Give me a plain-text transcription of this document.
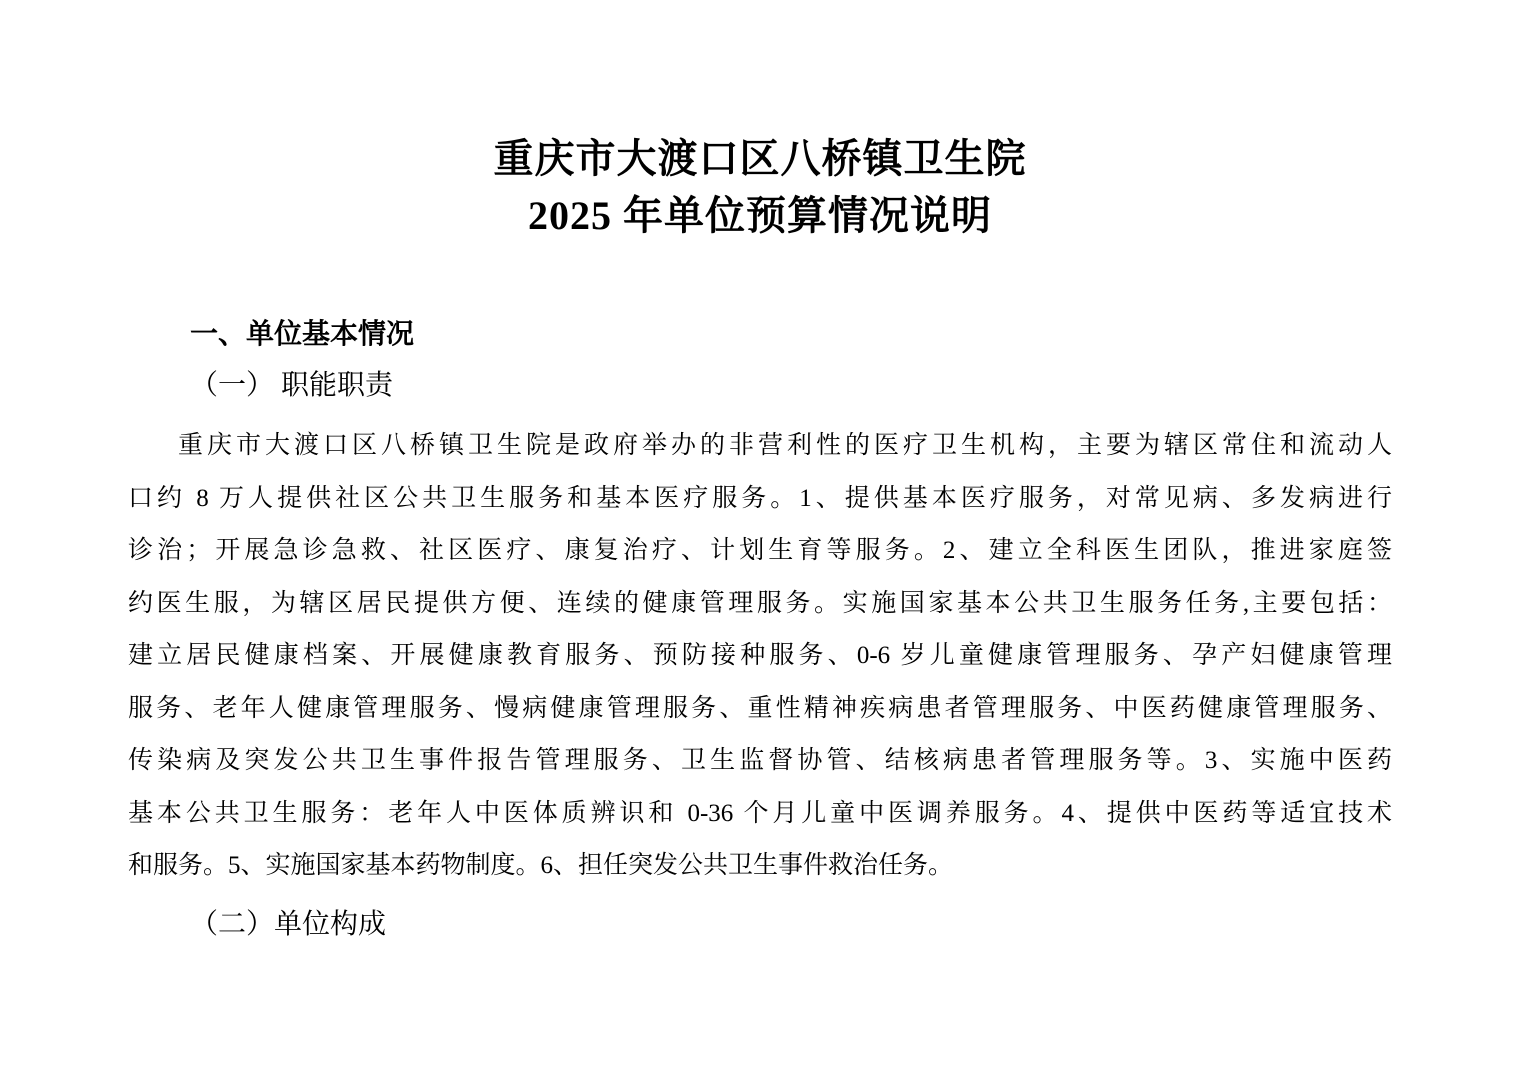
重庆市大渡口区八桥镇卫生院
2025 年单位预算情况说明
一、单位基本情况
（一） 职能职责
重庆市大渡口区八桥镇卫生院是政府举办的非营利性的医疗卫生机构，主要为辖区常住和流动人
口约 8 万人提供社区公共卫生服务和基本医疗服务。1、提供基本医疗服务，对常见病、多发病进行
诊治；开展急诊急救、社区医疗、康复治疗、计划生育等服务。2、建立全科医生团队，推进家庭签
约医生服，为辖区居民提供方便、连续的健康管理服务。实施国家基本公共卫生服务任务,主要包括：
建立居民健康档案、开展健康教育服务、预防接种服务、0-6 岁儿童健康管理服务、孕产妇健康管理
服务、老年人健康管理服务、慢病健康管理服务、重性精神疾病患者管理服务、中医药健康管理服务、
传染病及突发公共卫生事件报告管理服务、卫生监督协管、结核病患者管理服务等。3、实施中医药
基本公共卫生服务：老年人中医体质辨识和 0-36 个月儿童中医调养服务。4、提供中医药等适宜技术
和服务。5、实施国家基本药物制度。6、担任突发公共卫生事件救治任务。
（二）单位构成
